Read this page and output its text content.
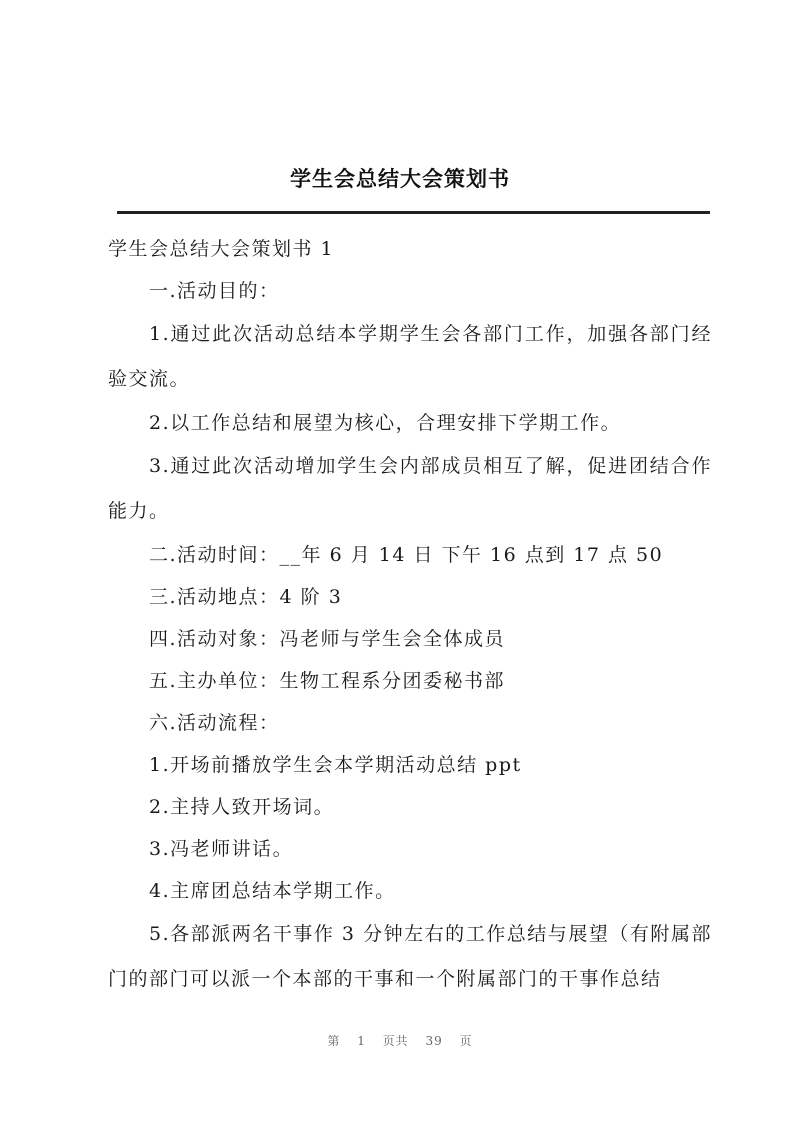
学生会总结大会策划书

学生会总结大会策划书 1

一.活动目的：

1.通过此次活动总结本学期学生会各部门工作，加强各部门经验交流。

2.以工作总结和展望为核心，合理安排下学期工作。

3.通过此次活动增加学生会内部成员相互了解，促进团结合作能力。

二.活动时间：__年 6 月 14 日 下午 16 点到 17 点 50

三.活动地点：4 阶 3

四.活动对象：冯老师与学生会全体成员

五.主办单位：生物工程系分团委秘书部

六.活动流程：

1.开场前播放学生会本学期活动总结 ppt

2.主持人致开场词。

3.冯老师讲话。

4.主席团总结本学期工作。

5.各部派两名干事作 3 分钟左右的工作总结与展望（有附属部门的部门可以派一个本部的干事和一个附属部门的干事作总结

第 1 页共 39 页
